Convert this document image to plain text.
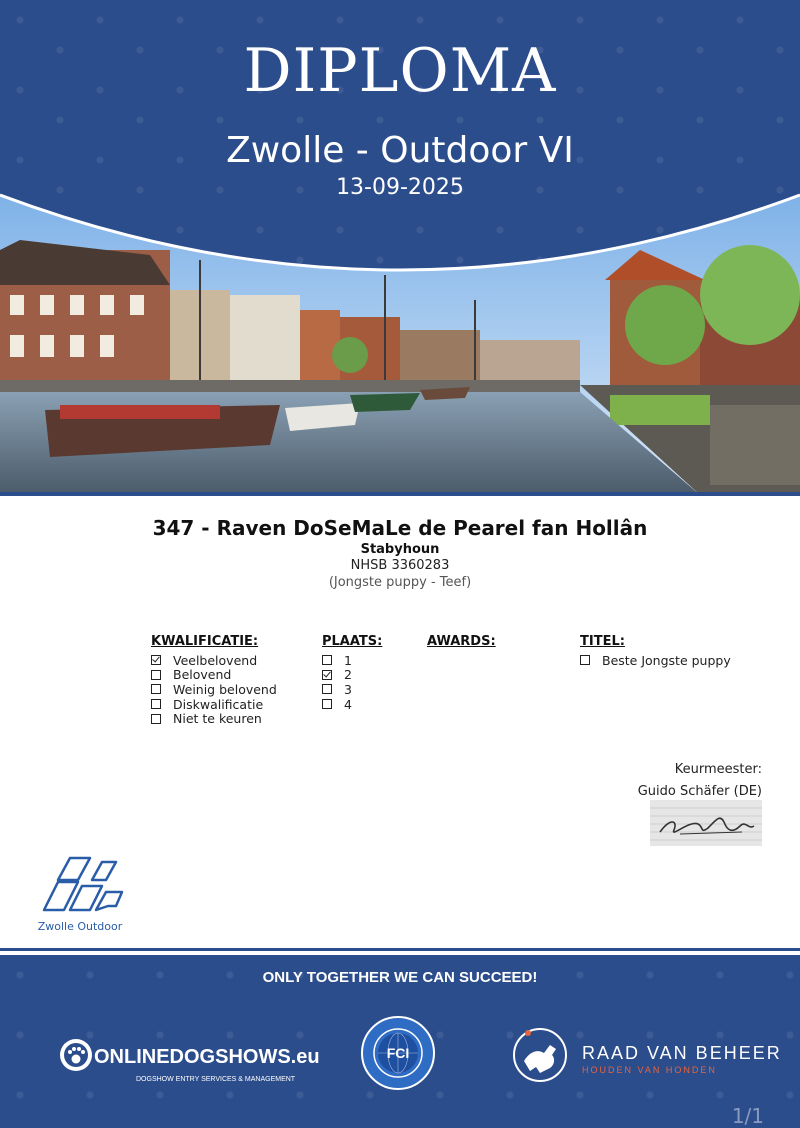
DIPLOMA
Zwolle - Outdoor VI
13-09-2025
347 - Raven DoSeMaLe de Pearel fan Hollân
Stabyhoun
NHSB 3360283
(Jongste puppy - Teef)
KWALIFICATIE:
Veelbelovend
Belovend
Weinig belovend
Diskwalificatie
Niet te keuren
PLAATS:
1
2
3
4
AWARDS:	TITEL:
Beste Jongste puppy
Keurmeester:
Guido Schäfer (DE)
Zwolle Outdoor
ONLY TOGETHER WE CAN SUCCEED!
ONLINEDOGSHOWS.eu
DOGSHOW ENTRY SERVICES & MANAGEMENT
FCI	RAAD VAN BEHEER
HOUDEN VAN HONDEN
1/1
